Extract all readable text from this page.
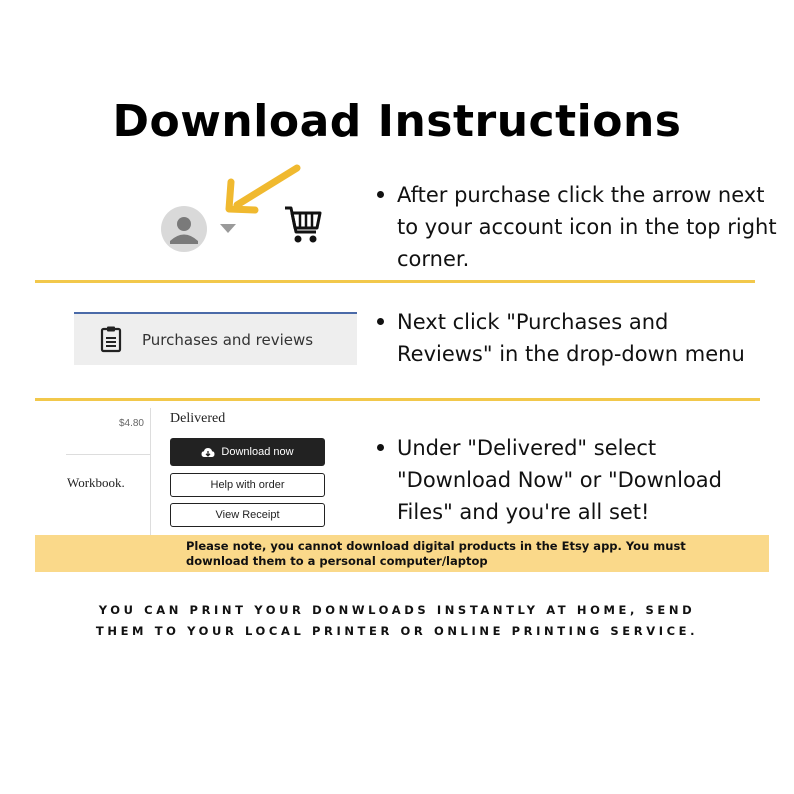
Download Instructions
After purchase click the arrow next to your account icon in the top right corner.
Purchases and reviews
Next click "Purchases and Reviews" in the drop-down menu
$4.80
Workbook.
Delivered
Download now
Help with order
View Receipt
Under "Delivered" select "Download Now" or "Download Files" and you're all set!
Please note, you cannot download digital products in the Etsy app. You must download them to a personal computer/laptop
YOU CAN PRINT YOUR DONWLOADS INSTANTLY AT HOME, SEND THEM TO YOUR LOCAL PRINTER OR ONLINE PRINTING SERVICE.
